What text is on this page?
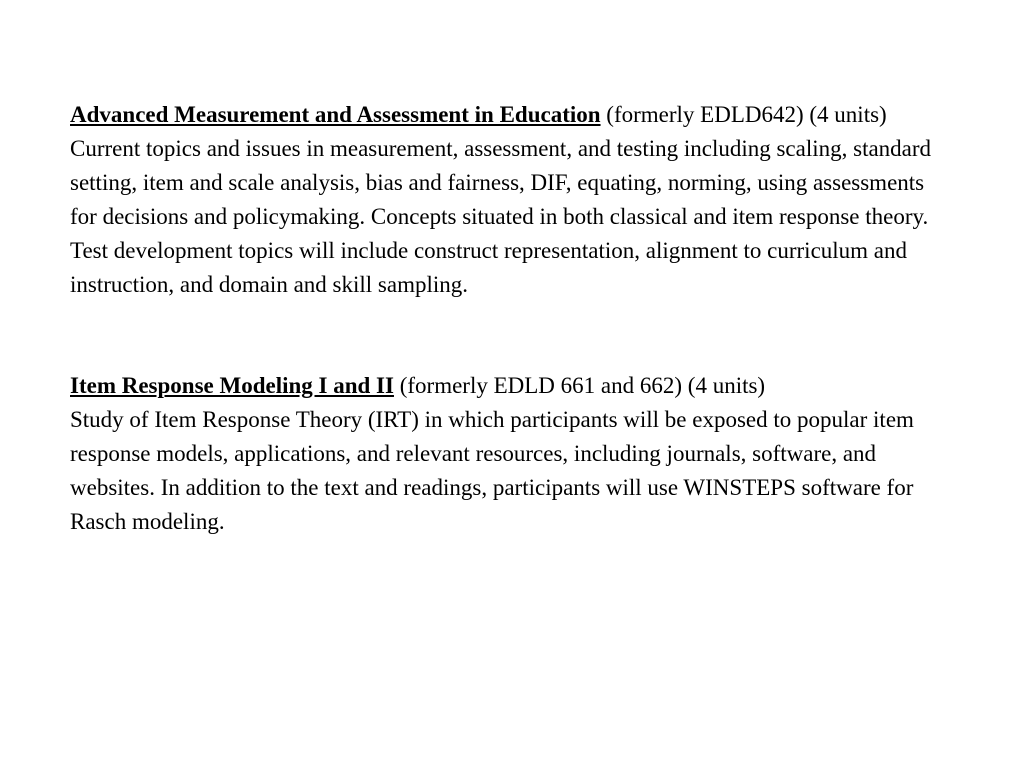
Advanced Measurement and Assessment in Education (formerly EDLD642) (4 units)
Current topics and issues in measurement, assessment, and testing including scaling, standard setting, item and scale analysis, bias and fairness, DIF, equating, norming, using assessments for decisions and policymaking. Concepts situated in both classical and item response theory. Test development topics will include construct representation, alignment to curriculum and instruction, and domain and skill sampling.

Item Response Modeling I and II (formerly EDLD 661 and 662) (4 units)
Study of Item Response Theory (IRT) in which participants will be exposed to popular item response models, applications, and relevant resources, including journals, software, and websites. In addition to the text and readings, participants will use WINSTEPS software for Rasch modeling.
